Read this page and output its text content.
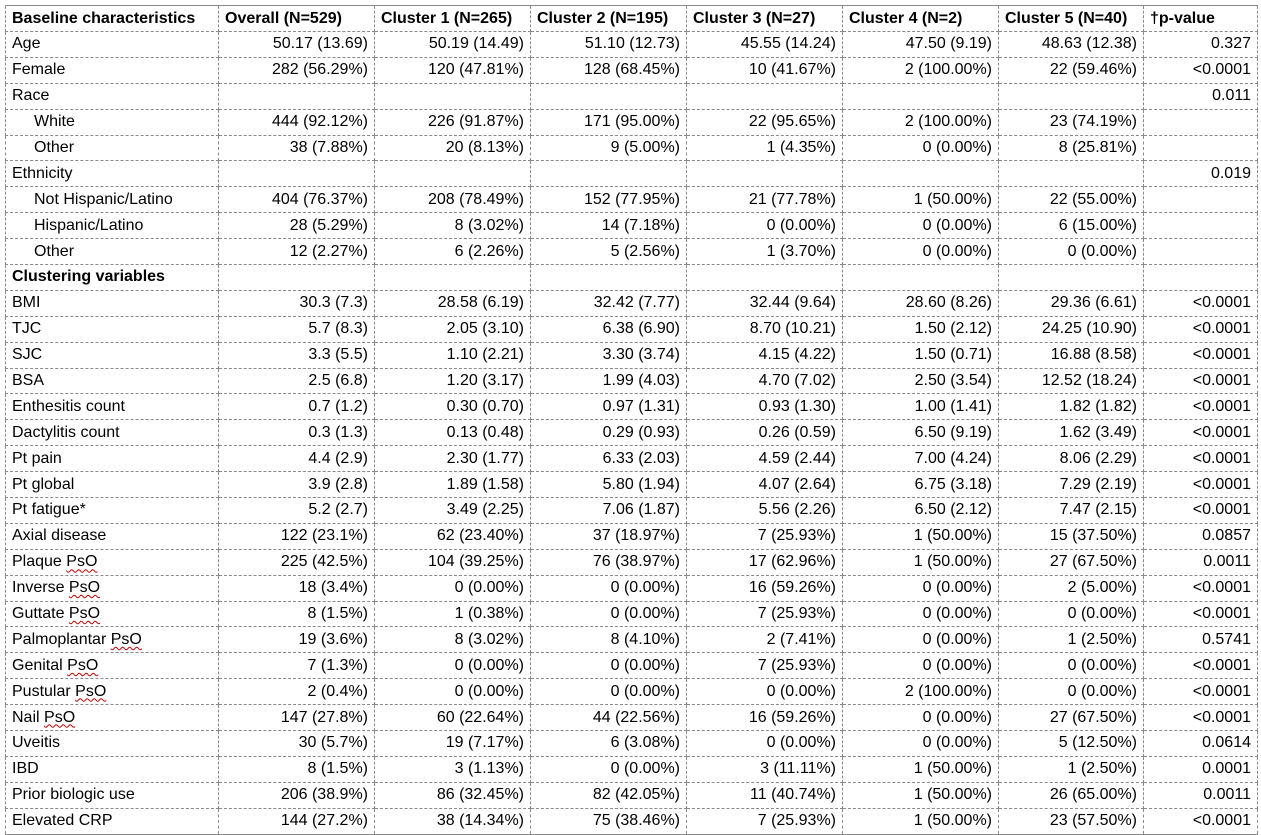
Baseline characteristics	Overall (N=529)	Cluster 1 (N=265)	Cluster 2 (N=195)	Cluster 3 (N=27)	Cluster 4 (N=2)	Cluster 5 (N=40)	†p-value
Age	50.17 (13.69)	50.19 (14.49)	51.10 (12.73)	45.55 (14.24)	47.50 (9.19)	48.63 (12.38)	0.327
Female	282 (56.29%)	120 (47.81%)	128 (68.45%)	10 (41.67%)	2 (100.00%)	22 (59.46%)	<0.0001
Race							0.011
White	444 (92.12%)	226 (91.87%)	171 (95.00%)	22 (95.65%)	2 (100.00%)	23 (74.19%)	
Other	38 (7.88%)	20 (8.13%)	9 (5.00%)	1 (4.35%)	0 (0.00%)	8 (25.81%)	
Ethnicity							0.019
Not Hispanic/Latino	404 (76.37%)	208 (78.49%)	152 (77.95%)	21 (77.78%)	1 (50.00%)	22 (55.00%)	
Hispanic/Latino	28 (5.29%)	8 (3.02%)	14 (7.18%)	0 (0.00%)	0 (0.00%)	6 (15.00%)	
Other	12 (2.27%)	6 (2.26%)	5 (2.56%)	1 (3.70%)	0 (0.00%)	0 (0.00%)	
Clustering variables							
BMI	30.3 (7.3)	28.58 (6.19)	32.42 (7.77)	32.44 (9.64)	28.60 (8.26)	29.36 (6.61)	<0.0001
TJC	5.7 (8.3)	2.05 (3.10)	6.38 (6.90)	8.70 (10.21)	1.50 (2.12)	24.25 (10.90)	<0.0001
SJC	3.3 (5.5)	1.10 (2.21)	3.30 (3.74)	4.15 (4.22)	1.50 (0.71)	16.88 (8.58)	<0.0001
BSA	2.5 (6.8)	1.20 (3.17)	1.99 (4.03)	4.70 (7.02)	2.50 (3.54)	12.52 (18.24)	<0.0001
Enthesitis count	0.7 (1.2)	0.30 (0.70)	0.97 (1.31)	0.93 (1.30)	1.00 (1.41)	1.82 (1.82)	<0.0001
Dactylitis count	0.3 (1.3)	0.13 (0.48)	0.29 (0.93)	0.26 (0.59)	6.50 (9.19)	1.62 (3.49)	<0.0001
Pt pain	4.4 (2.9)	2.30 (1.77)	6.33 (2.03)	4.59 (2.44)	7.00 (4.24)	8.06 (2.29)	<0.0001
Pt global	3.9 (2.8)	1.89 (1.58)	5.80 (1.94)	4.07 (2.64)	6.75 (3.18)	7.29 (2.19)	<0.0001
Pt fatigue*	5.2 (2.7)	3.49 (2.25)	7.06 (1.87)	5.56 (2.26)	6.50 (2.12)	7.47 (2.15)	<0.0001
Axial disease	122 (23.1%)	62 (23.40%)	37 (18.97%)	7 (25.93%)	1 (50.00%)	15 (37.50%)	0.0857
Plaque PsO	225 (42.5%)	104 (39.25%)	76 (38.97%)	17 (62.96%)	1 (50.00%)	27 (67.50%)	0.0011
Inverse PsO	18 (3.4%)	0 (0.00%)	0 (0.00%)	16 (59.26%)	0 (0.00%)	2 (5.00%)	<0.0001
Guttate PsO	8 (1.5%)	1 (0.38%)	0 (0.00%)	7 (25.93%)	0 (0.00%)	0 (0.00%)	<0.0001
Palmoplantar PsO	19 (3.6%)	8 (3.02%)	8 (4.10%)	2 (7.41%)	0 (0.00%)	1 (2.50%)	0.5741
Genital PsO	7 (1.3%)	0 (0.00%)	0 (0.00%)	7 (25.93%)	0 (0.00%)	0 (0.00%)	<0.0001
Pustular PsO	2 (0.4%)	0 (0.00%)	0 (0.00%)	0 (0.00%)	2 (100.00%)	0 (0.00%)	<0.0001
Nail PsO	147 (27.8%)	60 (22.64%)	44 (22.56%)	16 (59.26%)	0 (0.00%)	27 (67.50%)	<0.0001
Uveitis	30 (5.7%)	19 (7.17%)	6 (3.08%)	0 (0.00%)	0 (0.00%)	5 (12.50%)	0.0614
IBD	8 (1.5%)	3 (1.13%)	0 (0.00%)	3 (11.11%)	1 (50.00%)	1 (2.50%)	0.0001
Prior biologic use	206 (38.9%)	86 (32.45%)	82 (42.05%)	11 (40.74%)	1 (50.00%)	26 (65.00%)	0.0011
Elevated CRP	144 (27.2%)	38 (14.34%)	75 (38.46%)	7 (25.93%)	1 (50.00%)	23 (57.50%)	<0.0001
